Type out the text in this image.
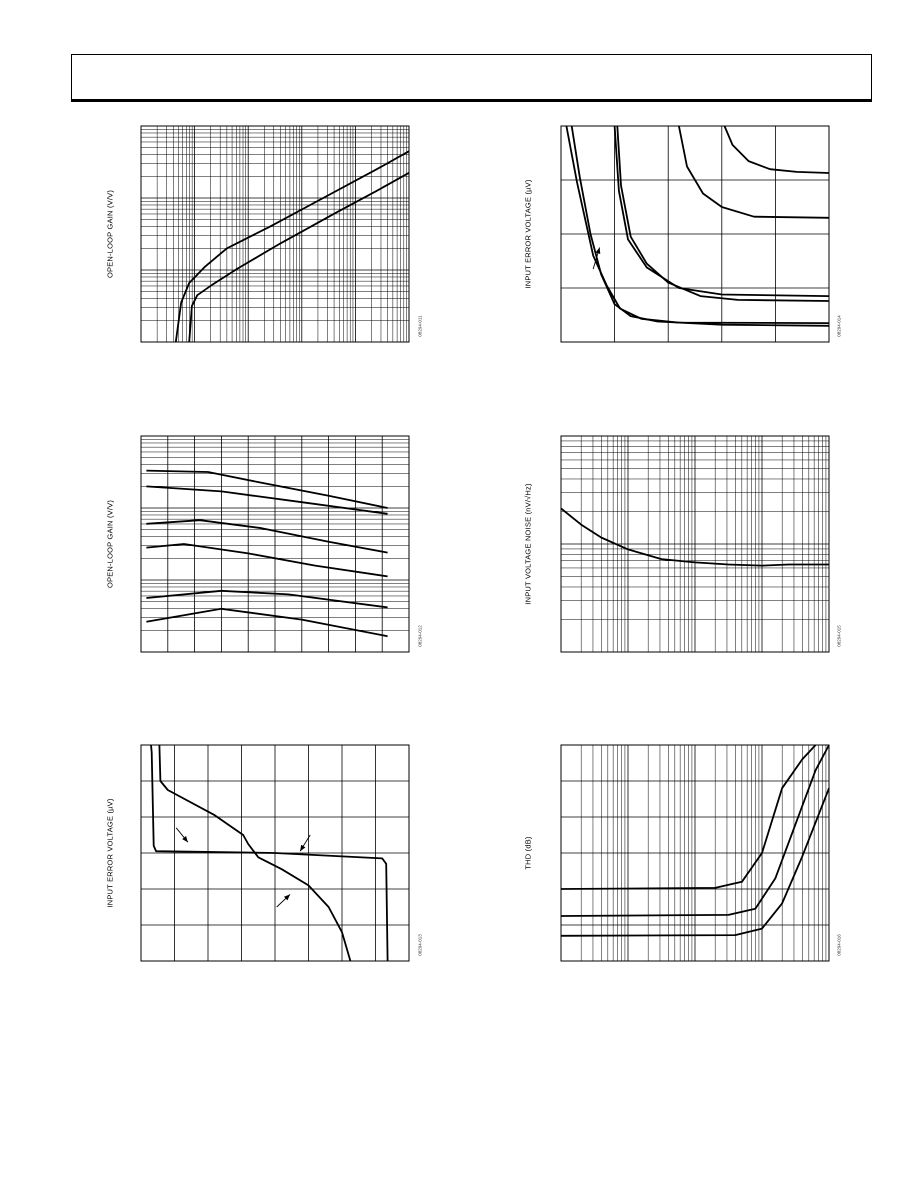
OPEN-LOOP GAIN (V/V)
08294-011
INPUT ERROR VOLTAGE (µV)
08294-014
OPEN-LOOP GAIN (V/V)
08294-012
INPUT VOLTAGE NOISE (nV/√Hz)
08294-015
INPUT ERROR VOLTAGE (µV)
08294-013
THD (dB)
08294-016
